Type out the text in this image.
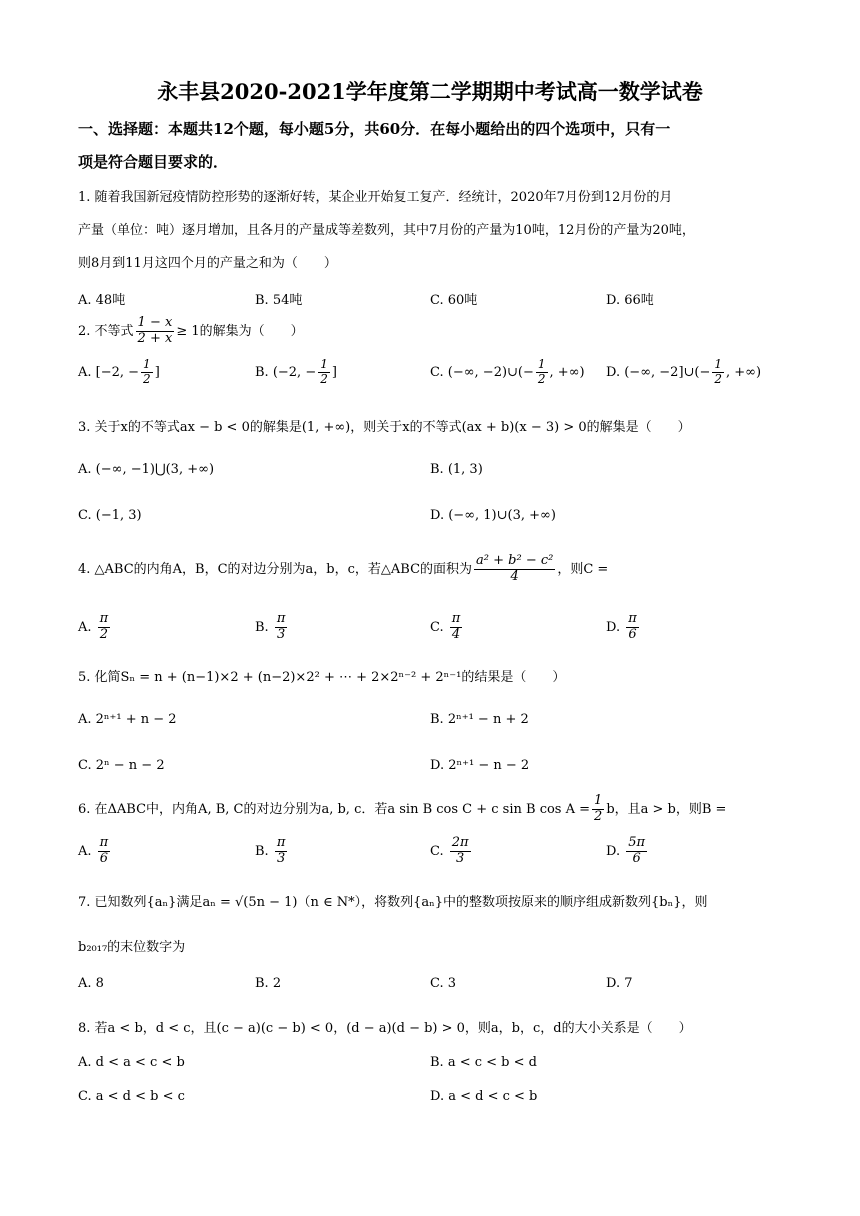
永丰县2020-2021学年度第二学期期中考试高一数学试卷
一、选择题：本题共12个题，每小题5分，共60分．在每小题给出的四个选项中，只有一
项是符合题目要求的．
1. 随着我国新冠疫情防控形势的逐渐好转，某企业开始复工复产．经统计，2020年7月份到12月份的月
产量（单位：吨）逐月增加，且各月的产量成等差数列，其中7月份的产量为10吨，12月份的产量为20吨，
则8月到11月这四个月的产量之和为（　　）
A. 48吨	B. 54吨	C. 60吨	D. 66吨
2. 不等式 $\frac{1 - x}{2 + x} \ge 1$的解集为（　　）
A. [−2, − $\frac{1}{2}$ ]	B. (−2, − $\frac{1}{2}$ ]	C. (−∞, −2)∪(− $\frac{1}{2}$ , +∞) D. (−∞, −2]∪(− $\frac{1}{2}$ , +∞)
3. 关于x的不等式ax − b < 0的解集是(1, +∞)，则关于x的不等式(ax + b)(x − 3) > 0的解集是（　　）
A. (−∞, −1)⋃(3, +∞)	B. (1, 3)
C. (−1, 3)	D. (−∞, 1)∪(3, +∞)
4. △ABC的内角A，B，C的对边分别为a，b，c，若△ABC的面积为 $\frac{\text{a² + b² − c²}}{4}$ ，则C =
A. $\frac{\pi}{2}$	B. $\frac{\pi}{3}$	C. $\frac{\pi}{4}$	D. $\frac{\pi}{6}$
5. 化简Sₙ = n + (n−1)×2 + (n−2)×2² + ⋯ + 2×2ⁿ⁻² + 2ⁿ⁻¹的结果是（　　）
A. 2ⁿ⁺¹ + n − 2	B. 2ⁿ⁺¹ − n + 2
C. 2ⁿ − n − 2	D. 2ⁿ⁺¹ − n − 2
6. 在ΔABC中，内角A, B, C的对边分别为a, b, c．若a sin B cos C + c sin B $\cos A = \frac{1}{2}$ b，且a > b，则B =
A. $\frac{\pi}{6}$	B. $\frac{\pi}{3}$	C. $\frac{2\pi}{3}$	D. $\frac{5\pi}{6}$
7. 已知数列{aₙ}满足aₙ = √(5n − 1)（n ∈ N*），将数列{aₙ}中的整数项按原来的顺序组成新数列{bₙ}，则
b₂₀₁₇的末位数字为
A. 8	B. 2	C. 3	D. 7
8. 若a < b，d < c，且(c − a)(c − b) < 0，(d − a)(d − b) > 0，则a，b，c，d的大小关系是（　　）
A. d < a < c < b	B. a < c < b < d
C. a < d < b < c	D. a < d < c < b
